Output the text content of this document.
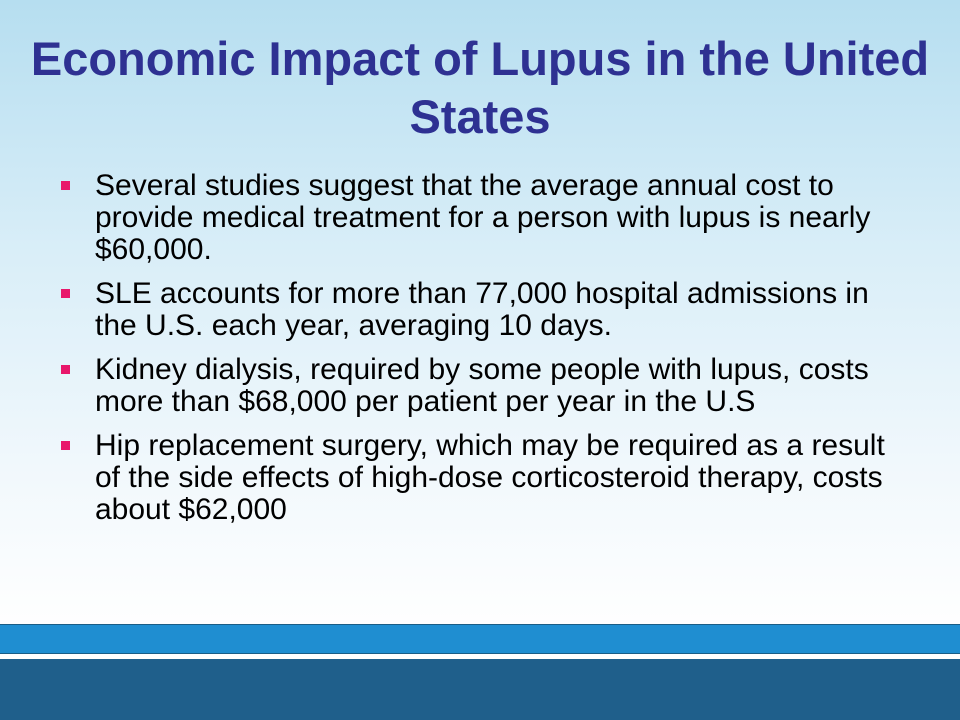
Economic Impact of Lupus in the United States
Several studies suggest that the average annual cost to provide medical treatment for a person with lupus is nearly $60,000.
SLE accounts for more than 77,000 hospital admissions in the U.S. each year, averaging 10 days.
Kidney dialysis, required by some people with lupus, costs more than $68,000 per patient per year in the U.S
Hip replacement surgery, which may be required as a result of the side effects of high-dose corticosteroid therapy, costs about $62,000
